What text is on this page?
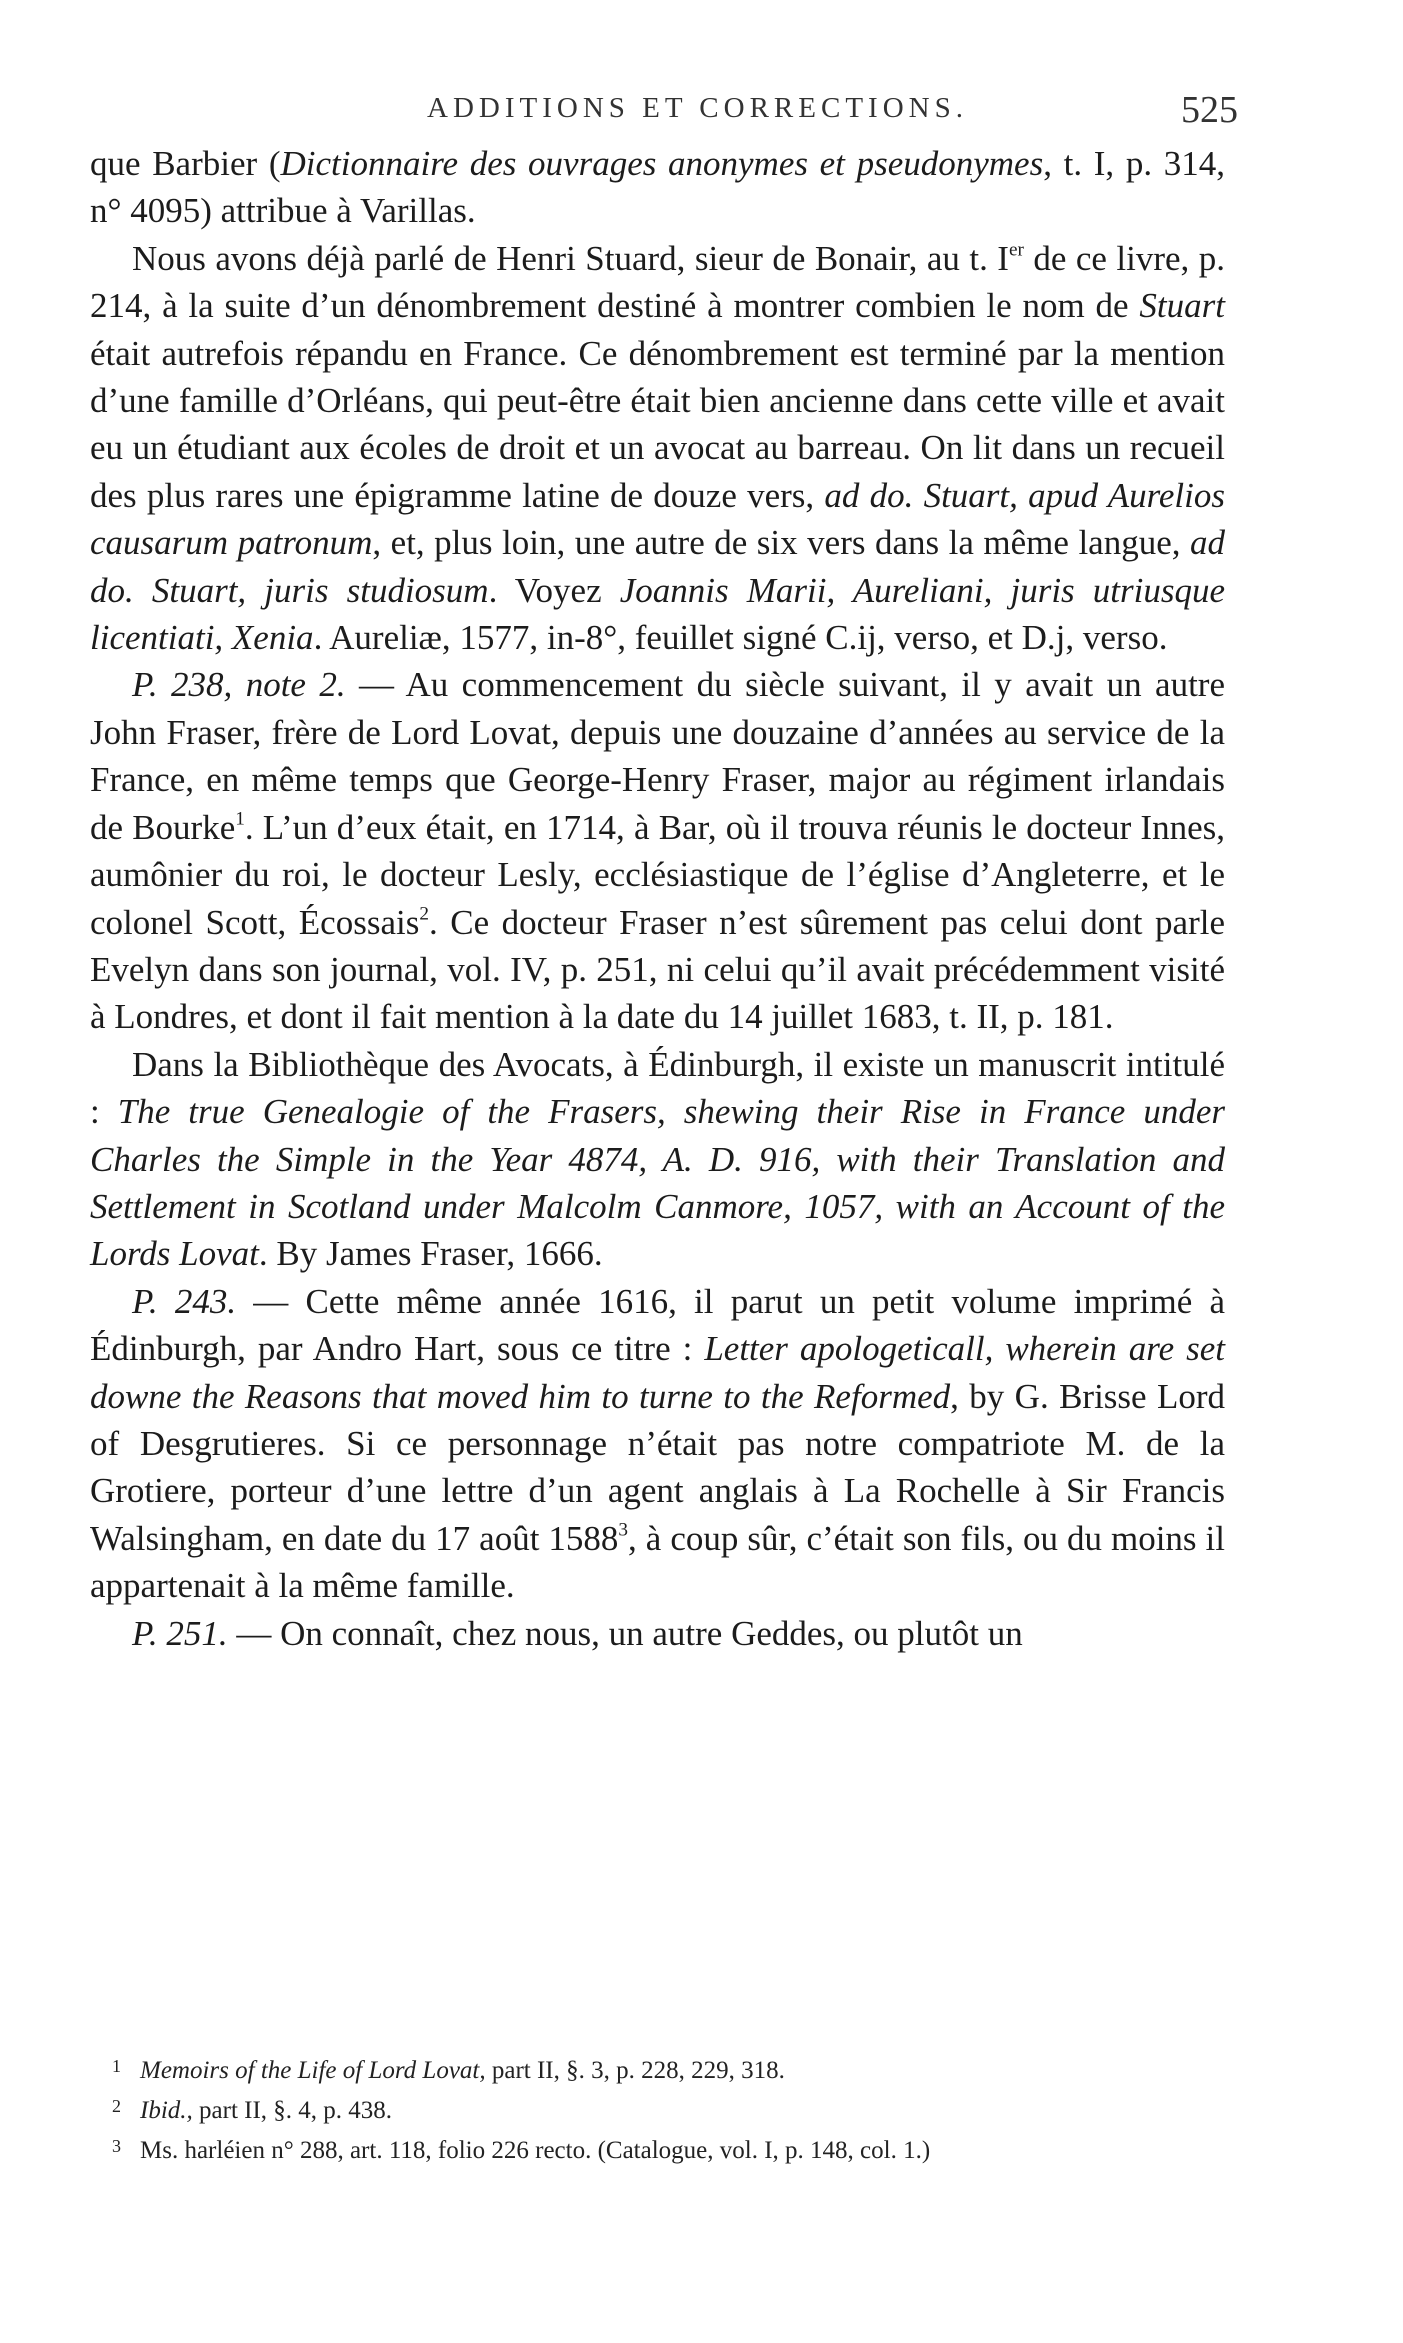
ADDITIONS ET CORRECTIONS.	525

que Barbier (Dictionnaire des ouvrages anonymes et pseudonymes, t. I, p. 314, n° 4095) attribue à Varillas.

Nous avons déjà parlé de Henri Stuard, sieur de Bonair, au t. Ier de ce livre, p. 214, à la suite d’un dénombrement destiné à montrer combien le nom de Stuart était autrefois répandu en France. Ce dénombrement est terminé par la mention d’une famille d’Orléans, qui peut-être était bien ancienne dans cette ville et avait eu un étudiant aux écoles de droit et un avocat au barreau. On lit dans un recueil des plus rares une épigramme latine de douze vers, ad do. Stuart, apud Aurelios causarum patronum, et, plus loin, une autre de six vers dans la même langue, ad do. Stuart, juris studiosum. Voyez Joannis Marii, Aureliani, juris utriusque licentiati, Xenia. Aureliæ, 1577, in-8°, feuillet signé C.ij, verso, et D.j, verso.

P. 238, note 2. — Au commencement du siècle suivant, il y avait un autre John Fraser, frère de Lord Lovat, depuis une douzaine d’années au service de la France, en même temps que George-Henry Fraser, major au régiment irlandais de Bourke$^1$. L’un d’eux était, en 1714, à Bar, où il trouva réunis le docteur Innes, aumônier du roi, le docteur Lesly, ecclésiastique de l’église d’Angleterre, et le colonel Scott, Écossais$^2$. Ce docteur Fraser n’est sûrement pas celui dont parle Evelyn dans son journal, vol. IV, p. 251, ni celui qu’il avait précédemment visité à Londres, et dont il fait mention à la date du 14 juillet 1683, t. II, p. 181.

Dans la Bibliothèque des Avocats, à Édinburgh, il existe un manuscrit intitulé : The true Genealogie of the Frasers, shewing their Rise in France under Charles the Simple in the Year 4874, A. D. 916, with their Translation and Settlement in Scotland under Malcolm Canmore, 1057, with an Account of the Lords Lovat. By James Fraser, 1666.

P. 243. — Cette même année 1616, il parut un petit volume imprimé à Édinburgh, par Andro Hart, sous ce titre : Letter apologeticall, wherein are set downe the Reasons that moved him to turne to the Reformed, by G. Brisse Lord of Desgrutieres. Si ce personnage n’était pas notre compatriote M. de la Grotiere, porteur d’une lettre d’un agent anglais à La Rochelle à Sir Francis Walsingham, en date du 17 août 1588$^3$, à coup sûr, c’était son fils, ou du moins il appartenait à la même famille.

P. 251. — On connaît, chez nous, un autre Geddes, ou plutôt un

1 Memoirs of the Life of Lord Lovat, part II, §. 3, p. 228, 229, 318.
2 Ibid., part II, §. 4, p. 438.
3 Ms. harléien n° 288, art. 118, folio 226 recto. (Catalogue, vol. I, p. 148, col. 1.)
